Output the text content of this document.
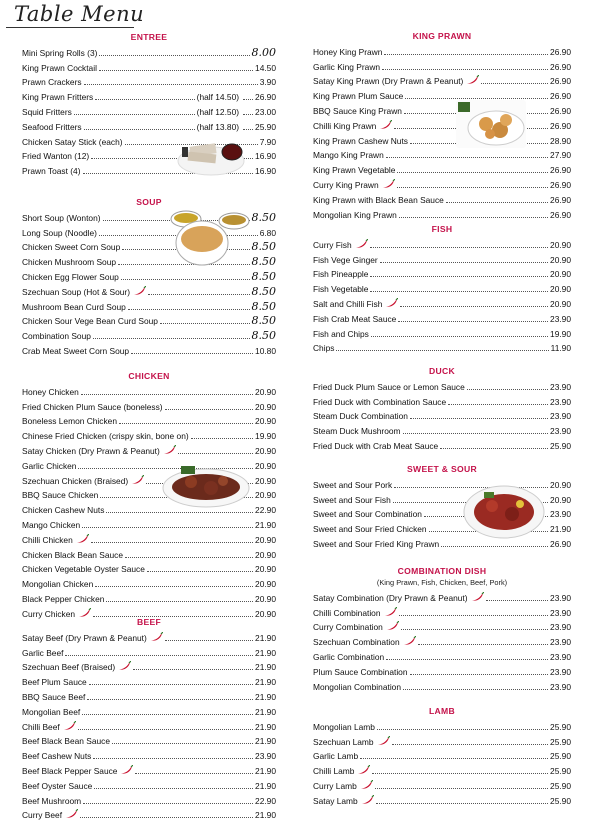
Table Menu
ENTREE
Mini Spring Rolls (3)	8.00
King Prawn Cocktail	14.50
Prawn Crackers	3.90
King Prawn Fritters	(half 14.50) 26.90
Squid Fritters	(half 12.50) 23.00
Seafood Fritters	(half 13.80) 25.90
Chicken Satay Stick (each)	7.90
Fried Wanton (12)	16.90
Prawn Toast (4)	16.90
SOUP
Short Soup (Wonton)	8.50
Long Soup (Noodle)	6.80
Chicken Sweet Corn Soup	8.50
Chicken Mushroom Soup	8.50
Chicken Egg Flower Soup	8.50
Szechuan Soup (Hot & Sour)	8.50
Mushroom Bean Curd Soup	8.50
Chicken Sour Vege Bean Curd Soup	8.50
Combination Soup	8.50
Crab Meat Sweet Corn Soup	10.80
CHICKEN
Honey Chicken	20.90
Fried Chicken Plum Sauce (boneless)	20.90
Boneless Lemon Chicken	20.90
Chinese Fried Chicken (crispy skin, bone on)	19.90
Satay Chicken (Dry Prawn & Peanut)	20.90
Garlic Chicken	20.90
Szechuan Chicken (Braised)	20.90
BBQ Sauce Chicken	20.90
Chicken Cashew Nuts	22.90
Mango Chicken	21.90
Chilli Chicken	20.90
Chicken Black Bean Sauce	20.90
Chicken Vegetable Oyster Sauce	20.90
Mongolian Chicken	20.90
Black Pepper Chicken	20.90
Curry Chicken	20.90
BEEF
Satay Beef (Dry Prawn & Peanut)	21.90
Garlic Beef	21.90
Szechuan Beef (Braised)	21.90
Beef Plum Sauce	21.90
BBQ Sauce Beef	21.90
Mongolian Beef	21.90
Chilli Beef	21.90
Beef Black Bean Sauce	21.90
Beef Cashew Nuts	23.90
Beef Black Pepper Sauce	21.90
Beef Oyster Sauce	21.90
Beef Mushroom	22.90
Curry Beef	21.90
KING PRAWN
Honey King Prawn	26.90
Garlic King Prawn	26.90
Satay King Prawn (Dry Prawn & Peanut)	26.90
King Prawn Plum Sauce	26.90
BBQ Sauce King Prawn	26.90
Chilli King Prawn	26.90
King Prawn Cashew Nuts	28.90
Mango King Prawn	27.90
King Prawn Vegetable	26.90
Curry King Prawn	26.90
King Prawn with Black Bean Sauce	26.90
Mongolian King Prawn	26.90
FISH
Curry Fish	20.90
Fish Vege Ginger	20.90
Fish Pineapple	20.90
Fish Vegetable	20.90
Salt and Chilli Fish	20.90
Fish Crab Meat Sauce	23.90
Fish and Chips	19.90
Chips	11.90
DUCK
Fried Duck Plum Sauce or Lemon Sauce	23.90
Fried Duck with Combination Sauce	23.90
Steam Duck Combination	23.90
Steam Duck Mushroom	23.90
Fried Duck with Crab Meat Sauce	25.90
SWEET & SOUR
Sweet and Sour Pork	20.90
Sweet and Sour Fish	20.90
Sweet and Sour Combination	23.90
Sweet and Sour Fried Chicken	21.90
Sweet and Sour Fried King Prawn	26.90
COMBINATION DISH
(King Prawn, Fish, Chicken, Beef, Pork)
Satay Combination (Dry Prawn & Peanut)	23.90
Chilli Combination	23.90
Curry Combination	23.90
Szechuan Combination	23.90
Garlic Combination	23.90
Plum Sauce Combination	23.90
Mongolian Combination	23.90
LAMB
Mongolian Lamb	25.90
Szechuan Lamb	25.90
Garlic Lamb	25.90
Chilli Lamb	25.90
Curry Lamb	25.90
Satay Lamb	25.90
